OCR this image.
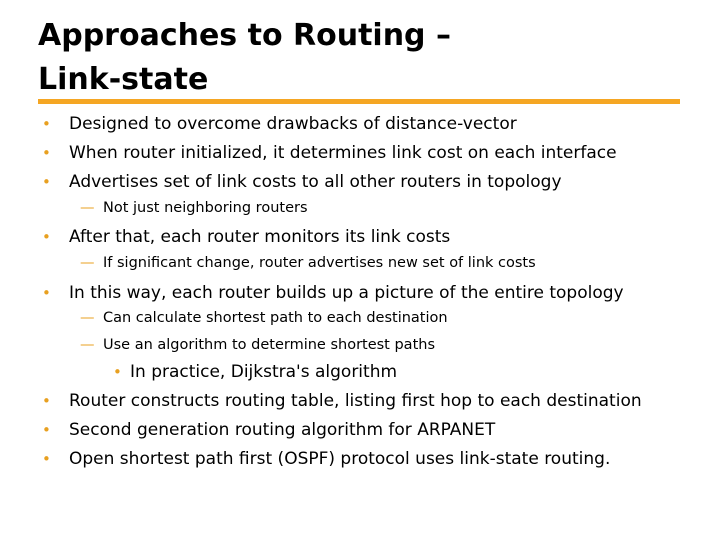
Approaches to Routing –
Link-state
• Designed to overcome drawbacks of distance-vector
• When router initialized, it determines link cost on each interface
• Advertises set of link costs to all other routers in topology
— Not just neighboring routers
• After that, each router monitors its link costs
— If significant change, router advertises new set of link costs
• In this way, each router builds up a picture of the entire topology
— Can calculate shortest path to each destination
— Use an algorithm to determine shortest paths
• In practice, Dijkstra's algorithm
• Router constructs routing table, listing first hop to each destination
• Second generation routing algorithm for ARPANET
• Open shortest path first (OSPF) protocol uses link-state routing.
